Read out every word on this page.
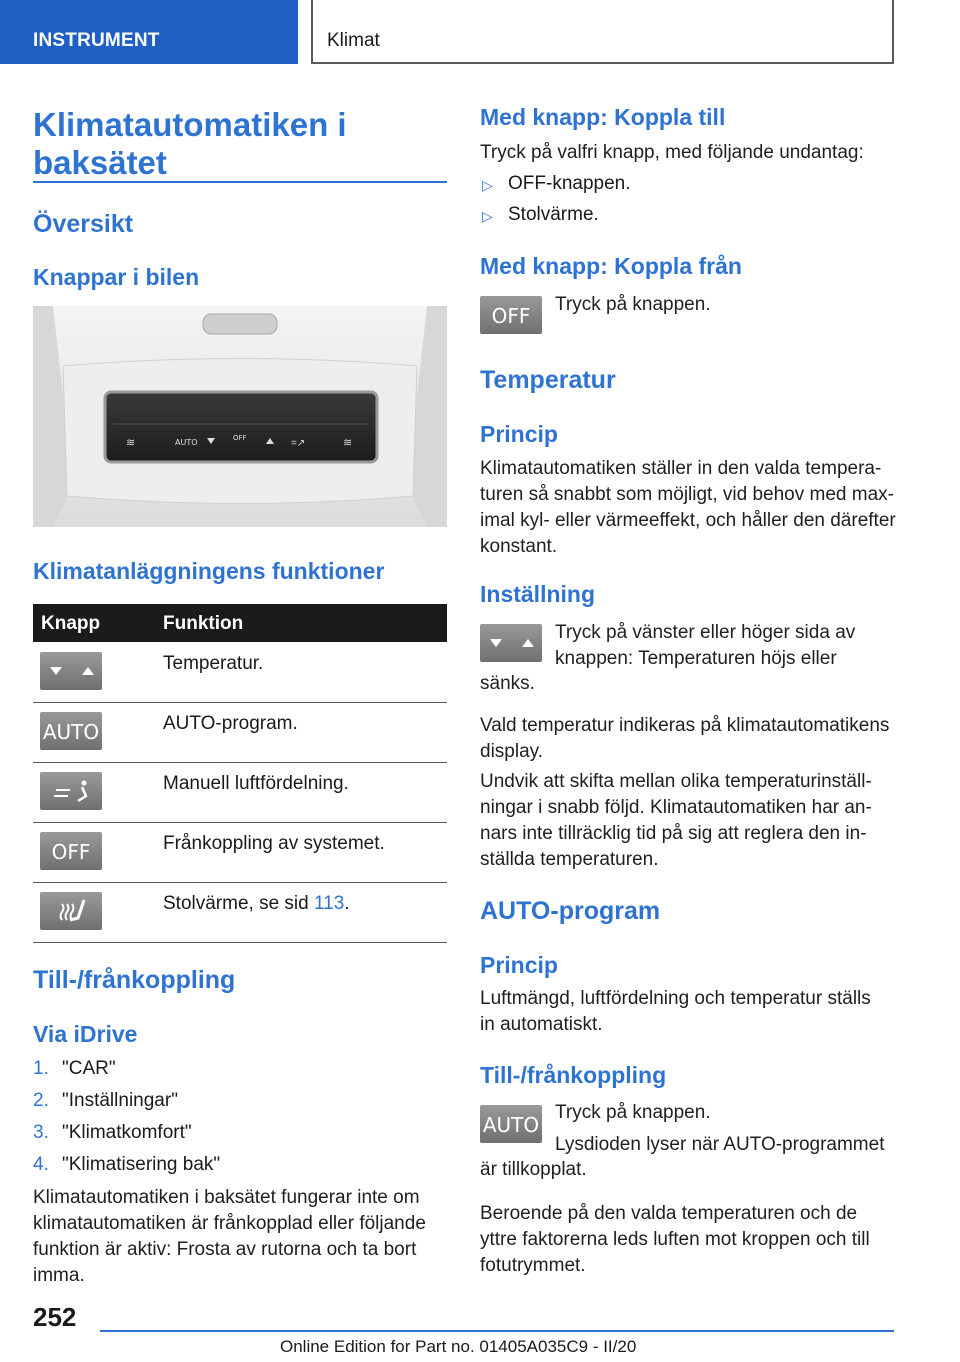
INSTRUMENT	Klimat
Klimatautomatiken i
baksätet
Översikt
Knappar i bilen
AUTO	OFF
≋	=↗	≋
Klimatanläggningens funktioner
Knapp	Funktion
Temperatur.
AUTO	AUTO-program.
Manuell luftfördelning.
OFF	Frånkoppling av systemet.
Stolvärme, se sid 113.
Till-/frånkoppling
Via iDrive
1. "CAR"
2. "Inställningar"
3. "Klimatkomfort"
4. "Klimatisering bak"
Klimatautomatiken i baksätet fungerar inte om
klimatautomatiken är frånkopplad eller följande
funktion är aktiv: Frosta av rutorna och ta bort
imma.
Med knapp: Koppla till
Tryck på valfri knapp, med följande undantag:
▷ OFF-knappen.
▷ Stolvärme.
Med knapp: Koppla från
OFF	Tryck på knappen.
Temperatur
Princip
Klimatautomatiken ställer in den valda tempera-
turen så snabbt som möjligt, vid behov med max-
imal kyl- eller värmeeffekt, och håller den därefter
konstant.
Inställning
Tryck på vänster eller höger sida av
knappen: Temperaturen höjs eller
sänks.
Vald temperatur indikeras på klimatautomatikens
display.
Undvik att skifta mellan olika temperaturinställ-
ningar i snabb följd. Klimatautomatiken har an-
nars inte tillräcklig tid på sig att reglera den in-
ställda temperaturen.
AUTO-program
Princip
Luftmängd, luftfördelning och temperatur ställs
in automatiskt.
Till-/frånkoppling
AUTO
Tryck på knappen.
Lysdioden lyser när AUTO-programmet
är tillkopplat.
Beroende på den valda temperaturen och de
yttre faktorerna leds luften mot kroppen och till
fotutrymmet.
252
Online Edition for Part no. 01405A035C9 - II/20
